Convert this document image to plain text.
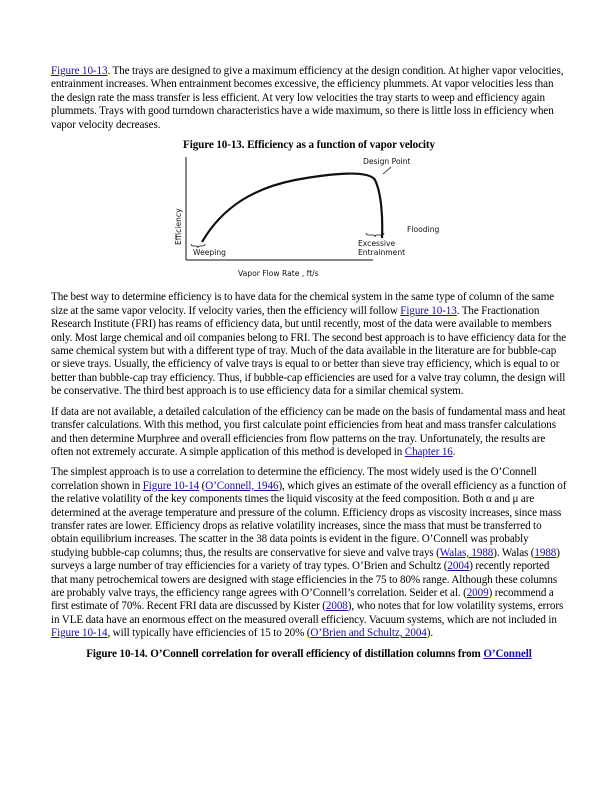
Figure 10-13. The trays are designed to give a maximum efficiency at the design condition. At higher vapor velocities, entrainment increases. When entrainment becomes excessive, the efficiency plummets. At vapor velocities less than the design rate the mass transfer is less efficient. At very low velocities the tray starts to weep and efficiency again plummets. Trays with good turndown characteristics have a wide maximum, so there is little loss in efficiency when vapor velocity decreases.

Figure 10-13. Efficiency as a function of vapor velocity
Design Point
Efficiency	Flooding
Weeping
Excessive
Entrainment
Vapor Flow Rate , ft/s

The best way to determine efficiency is to have data for the chemical system in the same type of column of the same size at the same vapor velocity. If velocity varies, then the efficiency will follow Figure 10-13. The Fractionation Research Institute (FRI) has reams of efficiency data, but until recently, most of the data were available to members only. Most large chemical and oil companies belong to FRI. The second best approach is to have efficiency data for the same chemical system but with a different type of tray. Much of the data available in the literature are for bubble-cap or sieve trays. Usually, the efficiency of valve trays is equal to or better than sieve tray efficiency, which is equal to or better than bubble-cap tray efficiency. Thus, if bubble-cap efficiencies are used for a valve tray column, the design will be conservative. The third best approach is to use efficiency data for a similar chemical system.

If data are not available, a detailed calculation of the efficiency can be made on the basis of fundamental mass and heat transfer calculations. With this method, you first calculate point efficiencies from heat and mass transfer calculations and then determine Murphree and overall efficiencies from flow patterns on the tray. Unfortunately, the results are often not extremely accurate. A simple application of this method is developed in Chapter 16.

The simplest approach is to use a correlation to determine the efficiency. The most widely used is the O’Connell correlation shown in Figure 10-14 (O’Connell, 1946), which gives an estimate of the overall efficiency as a function of the relative volatility of the key components times the liquid viscosity at the feed composition. Both α and μ are determined at the average temperature and pressure of the column. Efficiency drops as viscosity increases, since mass transfer rates are lower. Efficiency drops as relative volatility increases, since the mass that must be transferred to obtain equilibrium increases. The scatter in the 38 data points is evident in the figure. O’Connell was probably studying bubble-cap columns; thus, the results are conservative for sieve and valve trays (Walas, 1988). Walas (1988) surveys a large number of tray efficiencies for a variety of tray types. O’Brien and Schultz (2004) recently reported that many petrochemical towers are designed with stage efficiencies in the 75 to 80% range. Although these columns are probably valve trays, the efficiency range agrees with O’Connell’s correlation. Seider et al. (2009) recommend a first estimate of 70%. Recent FRI data are discussed by Kister (2008), who notes that for low volatility systems, errors in VLE data have an enormous effect on the measured overall efficiency. Vacuum systems, which are not included in Figure 10-14, will typically have efficiencies of 15 to 20% (O’Brien and Schultz, 2004).

Figure 10-14. O’Connell correlation for overall efficiency of distillation columns from O’Connell
